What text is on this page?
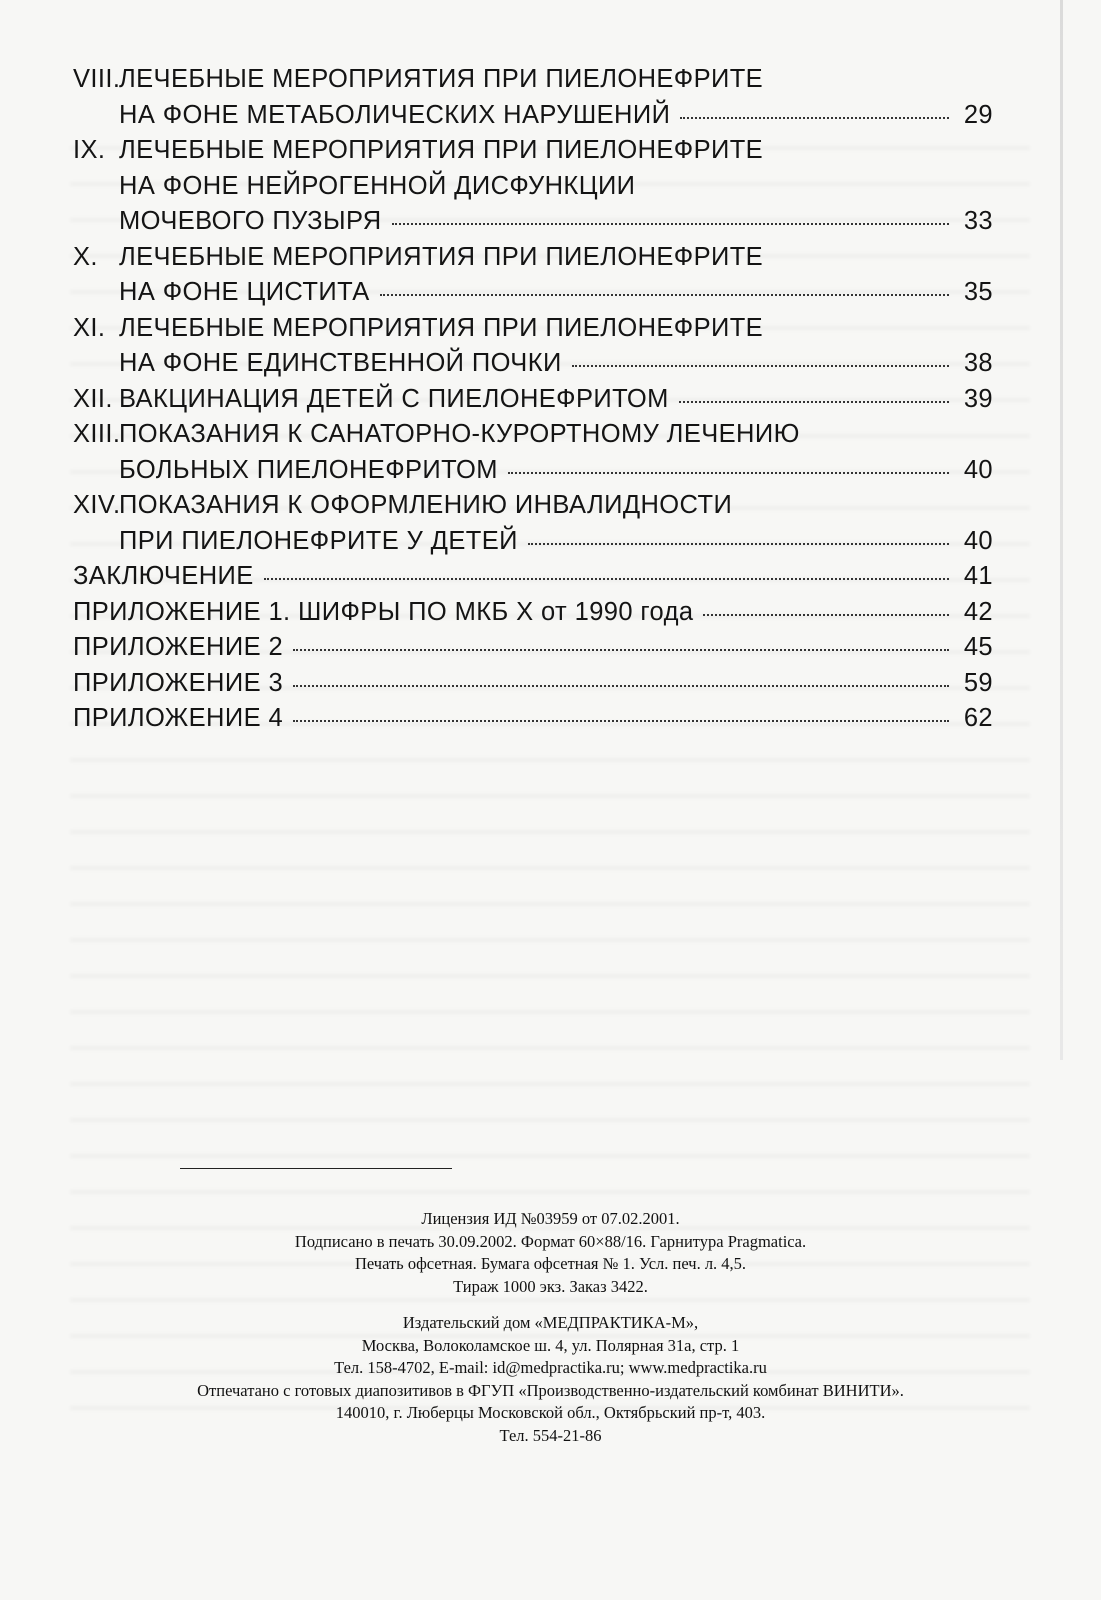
VIII.
ЛЕЧЕБНЫЕ МЕРОПРИЯТИЯ ПРИ ПИЕЛОНЕФРИТЕ
НА ФОНЕ МЕТАБОЛИЧЕСКИХ НАРУШЕНИЙ	29
IX. ЛЕЧЕБНЫЕ МЕРОПРИЯТИЯ ПРИ ПИЕЛОНЕФРИТЕ
НА ФОНЕ НЕЙРОГЕННОЙ ДИСФУНКЦИИ
МОЧЕВОГО ПУЗЫРЯ	33
X. ЛЕЧЕБНЫЕ МЕРОПРИЯТИЯ ПРИ ПИЕЛОНЕФРИТЕ
НА ФОНЕ ЦИСТИТА	35
XI. ЛЕЧЕБНЫЕ МЕРОПРИЯТИЯ ПРИ ПИЕЛОНЕФРИТЕ
НА ФОНЕ ЕДИНСТВЕННОЙ ПОЧКИ	38
XII. ВАКЦИНАЦИЯ ДЕТЕЙ С ПИЕЛОНЕФРИТОМ	39
XIII.
ПОКАЗАНИЯ К САНАТОРНО-КУРОРТНОМУ ЛЕЧЕНИЮ
БОЛЬНЫХ ПИЕЛОНЕФРИТОМ	40
XIV.
ПОКАЗАНИЯ К ОФОРМЛЕНИЮ ИНВАЛИДНОСТИ
ПРИ ПИЕЛОНЕФРИТЕ У ДЕТЕЙ	40
ЗАКЛЮЧЕНИЕ	41
ПРИЛОЖЕНИЕ 1. ШИФРЫ ПО МКБ X от 1990 года	42
ПРИЛОЖЕНИЕ 2	45
ПРИЛОЖЕНИЕ 3	59
ПРИЛОЖЕНИЕ 4	62
Лицензия ИД №03959 от 07.02.2001.
Подписано в печать 30.09.2002. Формат 60×88/16. Гарнитура Pragmatica.
Печать офсетная. Бумага офсетная № 1. Усл. печ. л. 4,5.
Тираж 1000 экз. Заказ 3422.
Издательский дом «МЕДПРАКТИКА-М»,
Москва, Волоколамское ш. 4, ул. Полярная 31а, стр. 1
Тел. 158-4702, E-mail: id@medpractika.ru; www.medpractika.ru
Отпечатано с готовых диапозитивов в ФГУП «Производственно-издательский комбинат ВИНИТИ».
140010, г. Люберцы Московской обл., Октябрьский пр-т, 403.
Тел. 554-21-86
